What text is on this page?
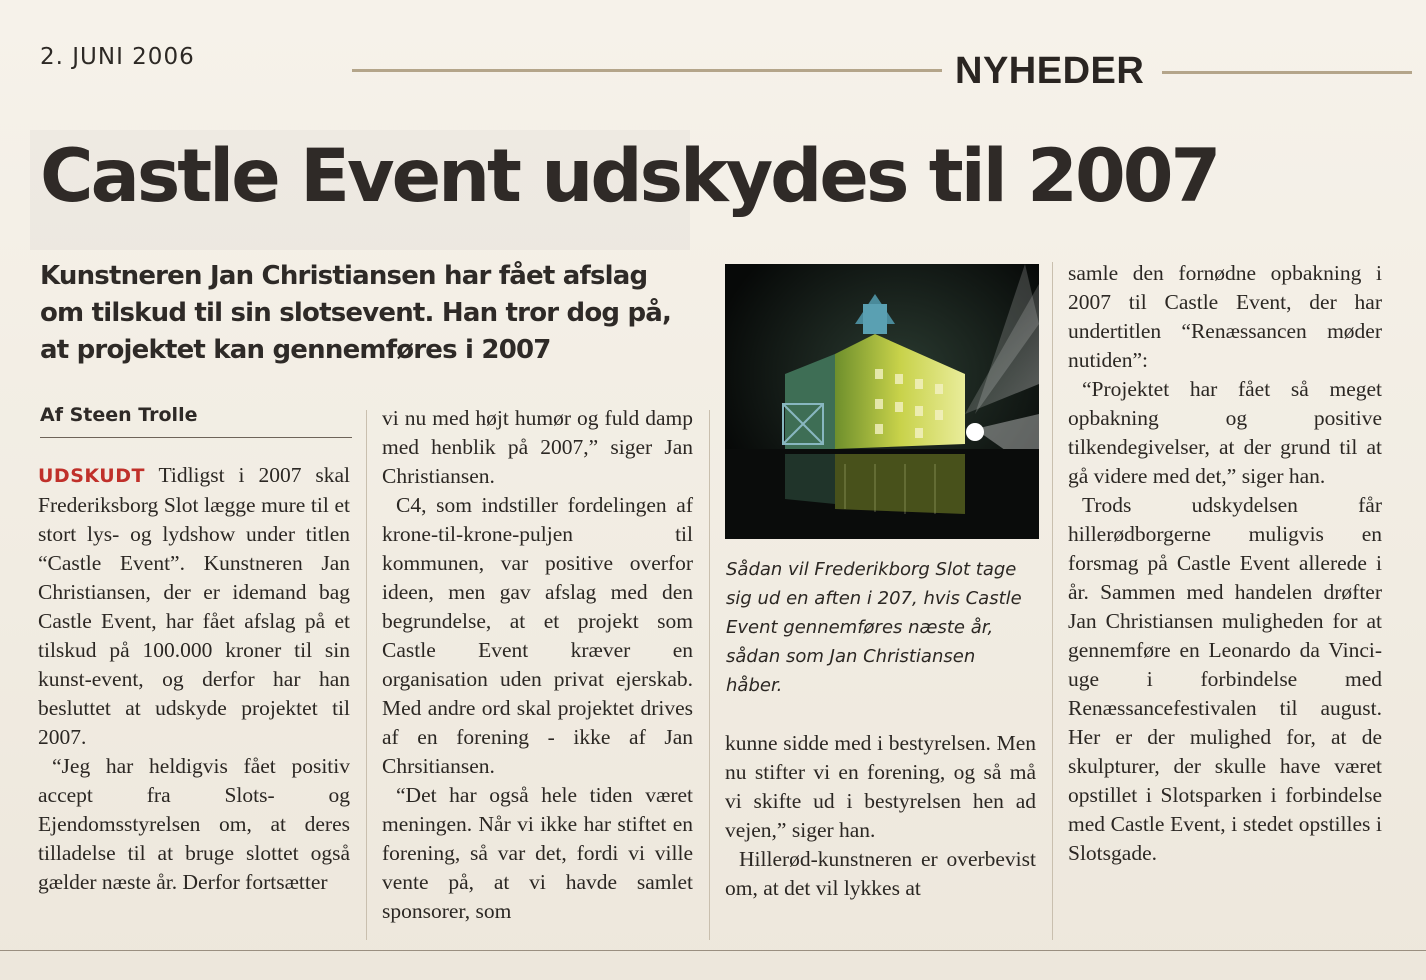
2. JUNI 2006	NYHEDER
Castle Event udskydes til 2007
Kunstneren Jan Christiansen har fået afslag om tilskud til sin slotsevent. Han tror dog på, at projektet kan gennemføres i 2007
Af Steen Trolle

UDSKUDT Tidligst i 2007 skal Frederiksborg Slot lægge mure til et stort lys- og lydshow under titlen “Castle Event”. Kunstneren Jan Christiansen, der er idemand bag Castle Event, har fået afslag på et tilskud på 100.000 kroner til sin kunst-event, og derfor har han besluttet at udskyde projektet til 2007.

“Jeg har heldigvis fået positiv accept fra Slots- og Ejendomsstyrelsen om, at deres tilladelse til at bruge slottet også gælder næste år. Derfor fortsætter

vi nu med højt humør og fuld damp med henblik på 2007,” siger Jan Christiansen.

C4, som indstiller fordelingen af krone-til-krone-puljen til kommunen, var positive overfor ideen, men gav afslag med den begrundelse, at et projekt som Castle Event kræver en organisation uden privat ejerskab. Med andre ord skal projektet drives af en forening - ikke af Jan Chrsitiansen.

“Det har også hele tiden været meningen. Når vi ikke har stiftet en forening, så var det, fordi vi ville vente på, at vi havde samlet sponsorer, som

Sådan vil Frederikborg Slot tage sig ud en aften i 207, hvis Castle Event gennemføres næste år, sådan som Jan Christiansen håber.

kunne sidde med i bestyrelsen. Men nu stifter vi en forening, og så må vi skifte ud i bestyrelsen hen ad vejen,” siger han.

Hillerød-kunstneren er overbevist om, at det vil lykkes at

samle den fornødne opbakning i 2007 til Castle Event, der har undertitlen “Renæssancen møder nutiden”:

“Projektet har fået så meget opbakning og positive tilkendegivelser, at der grund til at gå videre med det,” siger han.

Trods udskydelsen får hillerødborgerne muligvis en forsmag på Castle Event allerede i år. Sammen med handelen drøfter Jan Christiansen muligheden for at gennemføre en Leonardo da Vinci-uge i forbindelse med Renæssancefestivalen til august. Her er der mulighed for, at de skulpturer, der skulle have været opstillet i Slotsparken i forbindelse med Castle Event, i stedet opstilles i Slotsgade.
